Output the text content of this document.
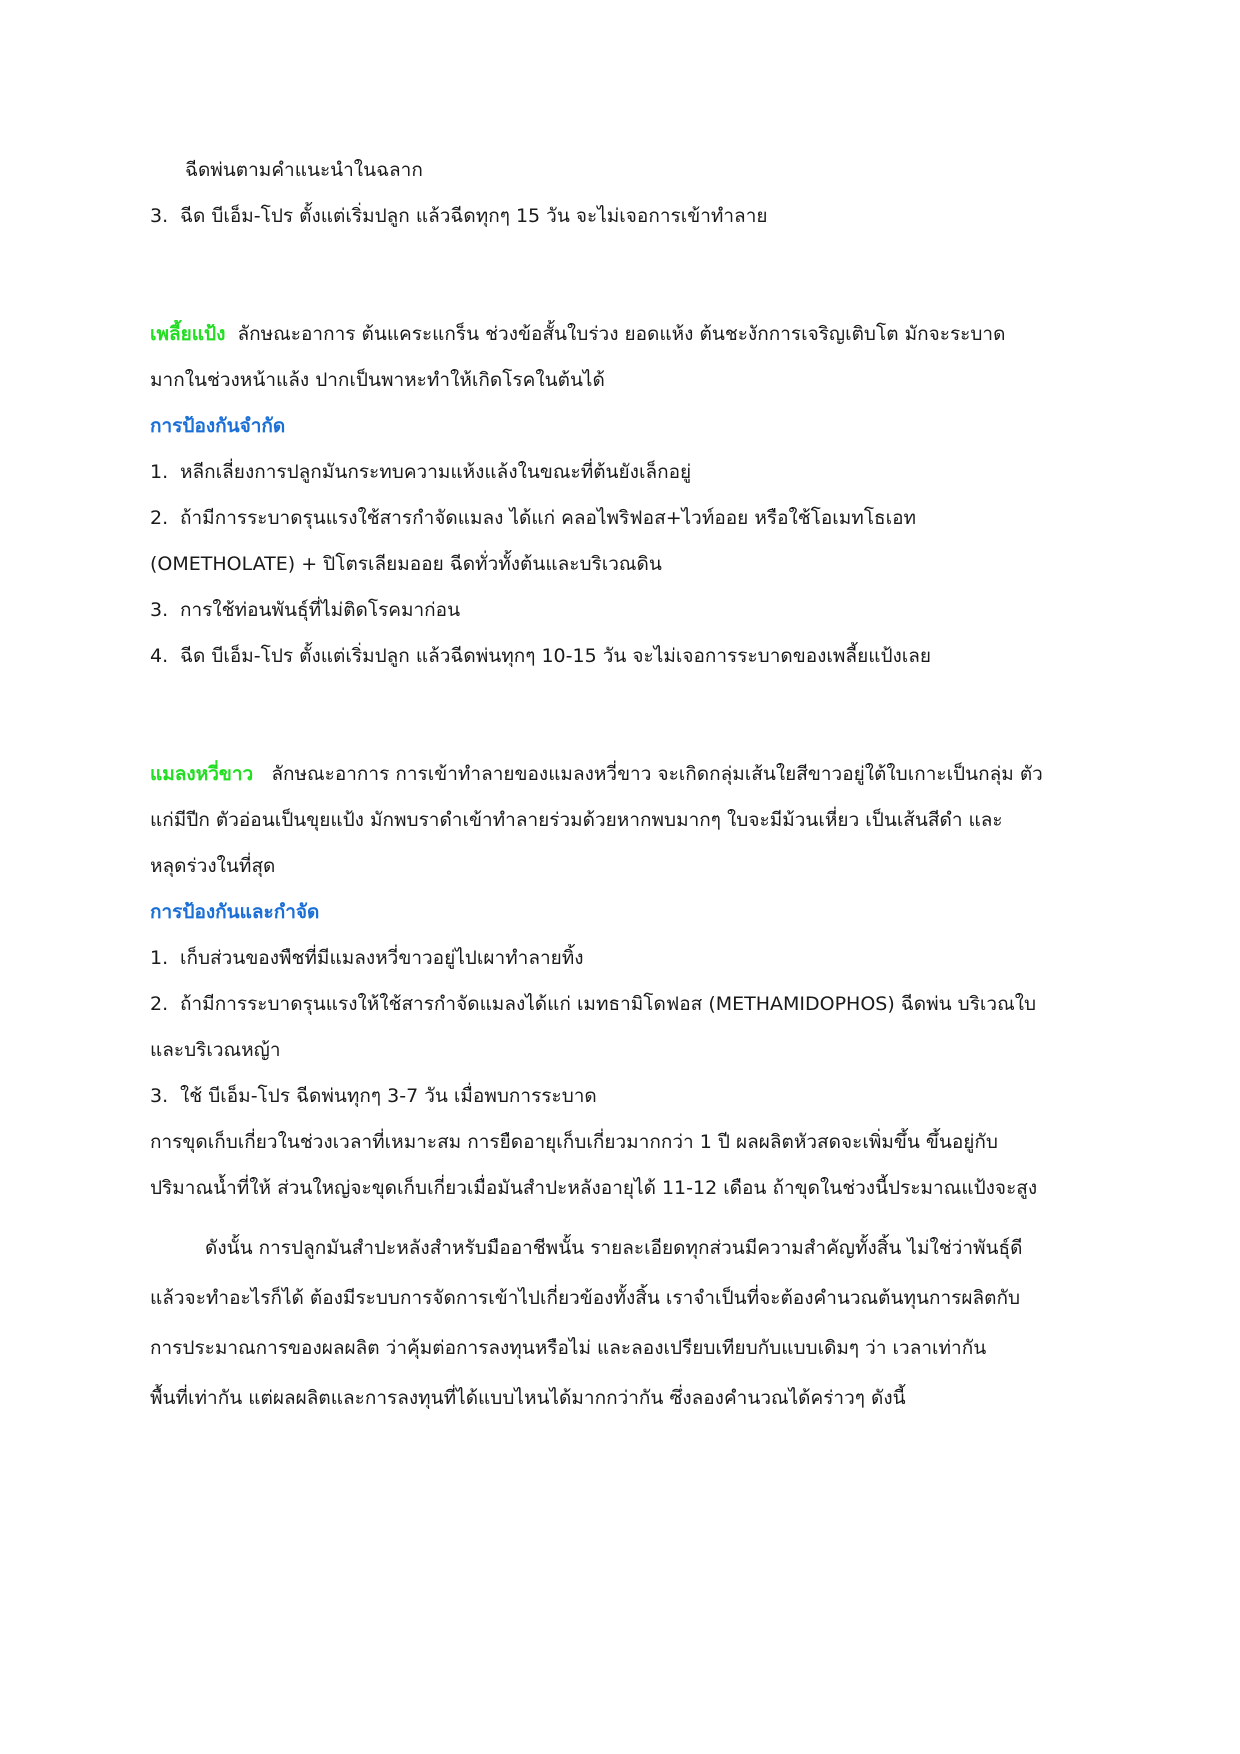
ฉีดพ่นตามคำแนะนำในฉลาก
3. ฉีด บีเอ็ม-โปร ตั้งแต่เริ่มปลูก แล้วฉีดทุกๆ 15 วัน จะไม่เจอการเข้าทำลาย
เพลี้ยแป้ง ลักษณะอาการ ต้นแคระแกร็น ช่วงข้อสั้นใบร่วง ยอดแห้ง ต้นชะงักการเจริญเติบโต มักจะระบาด
มากในช่วงหน้าแล้ง ปากเป็นพาหะทำให้เกิดโรคในต้นได้
การป้องกันจำกัด
1. หลีกเลี่ยงการปลูกมันกระทบความแห้งแล้งในขณะที่ต้นยังเล็กอยู่
2. ถ้ามีการระบาดรุนแรงใช้สารกำจัดแมลง ได้แก่ คลอไพริฟอส+ไวท์ออย หรือใช้โอเมทโธเอท
(OMETHOLATE) + ปิโตรเลียมออย ฉีดทั่วทั้งต้นและบริเวณดิน
3. การใช้ท่อนพันธุ์ที่ไม่ติดโรคมาก่อน
4. ฉีด บีเอ็ม-โปร ตั้งแต่เริ่มปลูก แล้วฉีดพ่นทุกๆ 10-15 วัน จะไม่เจอการระบาดของเพลี้ยแป้งเลย
แมลงหวี่ขาว ลักษณะอาการ การเข้าทำลายของแมลงหวี่ขาว จะเกิดกลุ่มเส้นใยสีขาวอยู่ใต้ใบเกาะเป็นกลุ่ม ตัว
แก่มีปีก ตัวอ่อนเป็นขุยแป้ง มักพบราดำเข้าทำลายร่วมด้วยหากพบมากๆ ใบจะมีม้วนเหี่ยว เป็นเส้นสีดำ และ
หลุดร่วงในที่สุด
การป้องกันและกำจัด
1. เก็บส่วนของพืชที่มีแมลงหวี่ขาวอยู่ไปเผาทำลายทิ้ง
2. ถ้ามีการระบาดรุนแรงให้ใช้สารกำจัดแมลงได้แก่ เมทธามิโดฟอส (METHAMIDOPHOS) ฉีดพ่น บริเวณใบ
และบริเวณหญ้า
3. ใช้ บีเอ็ม-โปร ฉีดพ่นทุกๆ 3-7 วัน เมื่อพบการระบาด
การขุดเก็บเกี่ยวในช่วงเวลาที่เหมาะสม การยืดอายุเก็บเกี่ยวมากกว่า 1 ปี ผลผลิตหัวสดจะเพิ่มขึ้น ขึ้นอยู่กับ
ปริมาณน้ำที่ให้ ส่วนใหญ่จะขุดเก็บเกี่ยวเมื่อมันสำปะหลังอายุได้ 11-12 เดือน ถ้าขุดในช่วงนี้ประมาณแป้งจะสูง
ดังนั้น การปลูกมันสำปะหลังสำหรับมืออาชีพนั้น รายละเอียดทุกส่วนมีความสำคัญทั้งสิ้น ไม่ใช่ว่าพันธุ์ดี
แล้วจะทำอะไรก็ได้ ต้องมีระบบการจัดการเข้าไปเกี่ยวข้องทั้งสิ้น เราจำเป็นที่จะต้องคำนวณต้นทุนการผลิตกับ
การประมาณการของผลผลิต ว่าคุ้มต่อการลงทุนหรือไม่ และลองเปรียบเทียบกับแบบเดิมๆ ว่า เวลาเท่ากัน
พื้นที่เท่ากัน แต่ผลผลิตและการลงทุนที่ได้แบบไหนได้มากกว่ากัน ซึ่งลองคำนวณได้คร่าวๆ ดังนี้
